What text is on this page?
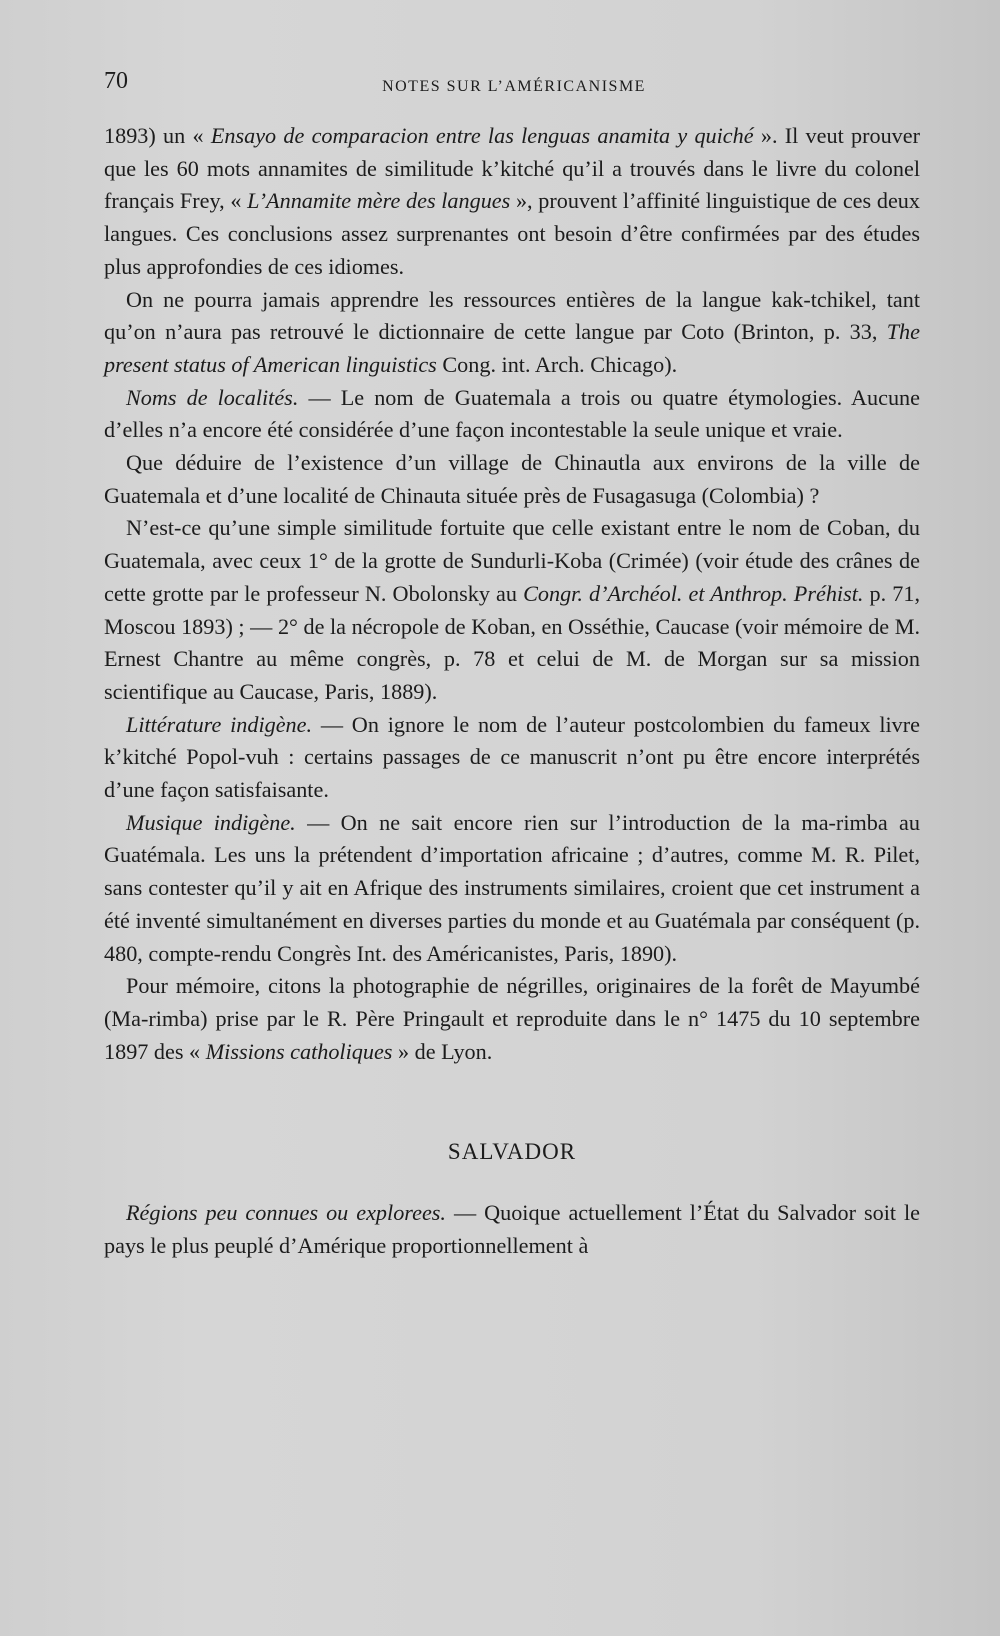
70	NOTES SUR L’AMÉRICANISME

1893) un « Ensayo de comparacion entre las lenguas anamita y quiché ». Il veut prouver que les 60 mots annamites de similitude k’kitché qu’il a trouvés dans le livre du colonel français Frey, « L’Annamite mère des langues », prouvent l’affinité linguistique de ces deux langues. Ces conclusions assez surprenantes ont besoin d’être confirmées par des études plus approfondies de ces idiomes.

On ne pourra jamais apprendre les ressources entières de la langue kak-tchikel, tant qu’on n’aura pas retrouvé le dictionnaire de cette langue par Coto (Brinton, p. 33, The present status of American linguistics Cong. int. Arch. Chicago).

Noms de localités. — Le nom de Guatemala a trois ou quatre étymologies. Aucune d’elles n’a encore été considérée d’une façon incontestable la seule unique et vraie.

Que déduire de l’existence d’un village de Chinautla aux environs de la ville de Guatemala et d’une localité de Chinauta située près de Fusagasuga (Colombia) ?

N’est-ce qu’une simple similitude fortuite que celle existant entre le nom de Coban, du Guatemala, avec ceux 1° de la grotte de Sundurli-Koba (Crimée) (voir étude des crânes de cette grotte par le professeur N. Obolonsky au Congr. d’Archéol. et Anthrop. Préhist. p. 71, Moscou 1893) ; — 2° de la nécropole de Koban, en Osséthie, Caucase (voir mémoire de M. Ernest Chantre au même congrès, p. 78 et celui de M. de Morgan sur sa mission scientifique au Caucase, Paris, 1889).

Littérature indigène. — On ignore le nom de l’auteur postcolombien du fameux livre k’kitché Popol-vuh : certains passages de ce manuscrit n’ont pu être encore interprétés d’une façon satisfaisante.

Musique indigène. — On ne sait encore rien sur l’introduction de la ma-rimba au Guatémala. Les uns la prétendent d’importation africaine ; d’autres, comme M. R. Pilet, sans contester qu’il y ait en Afrique des instruments similaires, croient que cet instrument a été inventé simultanément en diverses parties du monde et au Guatémala par conséquent (p. 480, compte-rendu Congrès Int. des Américanistes, Paris, 1890).

Pour mémoire, citons la photographie de négrilles, originaires de la forêt de Mayumbé (Ma-rimba) prise par le R. Père Pringault et reproduite dans le n° 1475 du 10 septembre 1897 des « Missions catholiques » de Lyon.

SALVADOR

Régions peu connues ou explorees. — Quoique actuellement l’État du Salvador soit le pays le plus peuplé d’Amérique proportionnellement à
